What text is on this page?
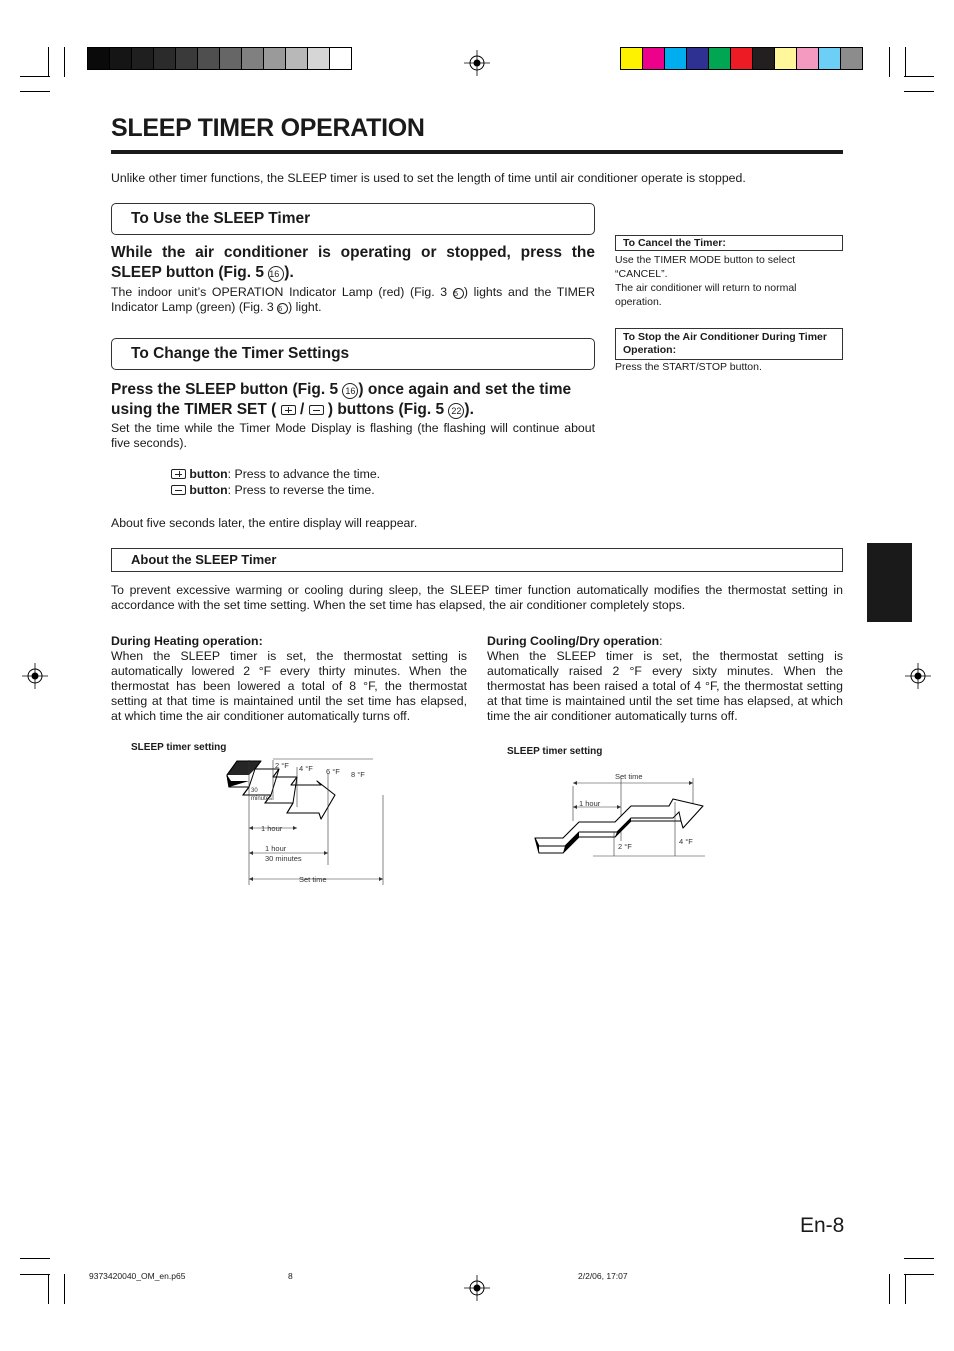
SLEEP TIMER OPERATION
Unlike other timer functions, the SLEEP timer is used to set the length of time until air conditioner operate is stopped.
To Use the SLEEP Timer
While the air conditioner is operating or stopped, press the SLEEP button (Fig. 5 16 ).
The indoor unit’s OPERATION Indicator Lamp (red) (Fig. 3 5 ) lights and the TIMER Indicator Lamp (green) (Fig. 3 6 ) light.
To Cancel the Timer:
Use the TIMER MODE button to select “CANCEL”.
The air conditioner will return to normal operation.
To Stop the Air Conditioner During Timer Operation:
Press the START/STOP button.
To Change the Timer Settings
Press the SLEEP button (Fig. 5 16 ) once again and set the time using the TIMER SET (  /  ) buttons (Fig. 5 22 ).
Set the time while the Timer Mode Display is flashing (the flashing will continue about five seconds).
button: Press to advance the time.
button: Press to reverse the time.
About five seconds later, the entire display will reappear.
About the SLEEP Timer
To prevent excessive warming or cooling during sleep, the SLEEP timer function automatically modifies the thermostat setting in accordance with the set time setting. When the set time has elapsed, the air conditioner completely stops.
During Heating operation:
When the SLEEP timer is set, the thermostat setting is automatically lowered 2 °F every thirty minutes. When the thermostat has been lowered a total of 8 °F, the thermostat setting at that time is maintained until the set time has elapsed, at which time the air conditioner automatically turns off.
During Cooling/Dry operation:
When the SLEEP timer is set, the thermostat setting is automatically raised 2 °F every sixty minutes. When the thermostat has been raised a total of 4 °F, the thermostat setting at that time is maintained until the set time has elapsed, at which time the air conditioner automatically turns off.
SLEEP timer setting
2 °F 4 °F 6 °F 8 °F
30
minutes
1 hour
1 hour
30 minutes
Set time
SLEEP timer setting
Set time
1 hour
2 °F
4 °F
En-8
9373420040_OM_en.p65	8	2/2/06, 17:07
